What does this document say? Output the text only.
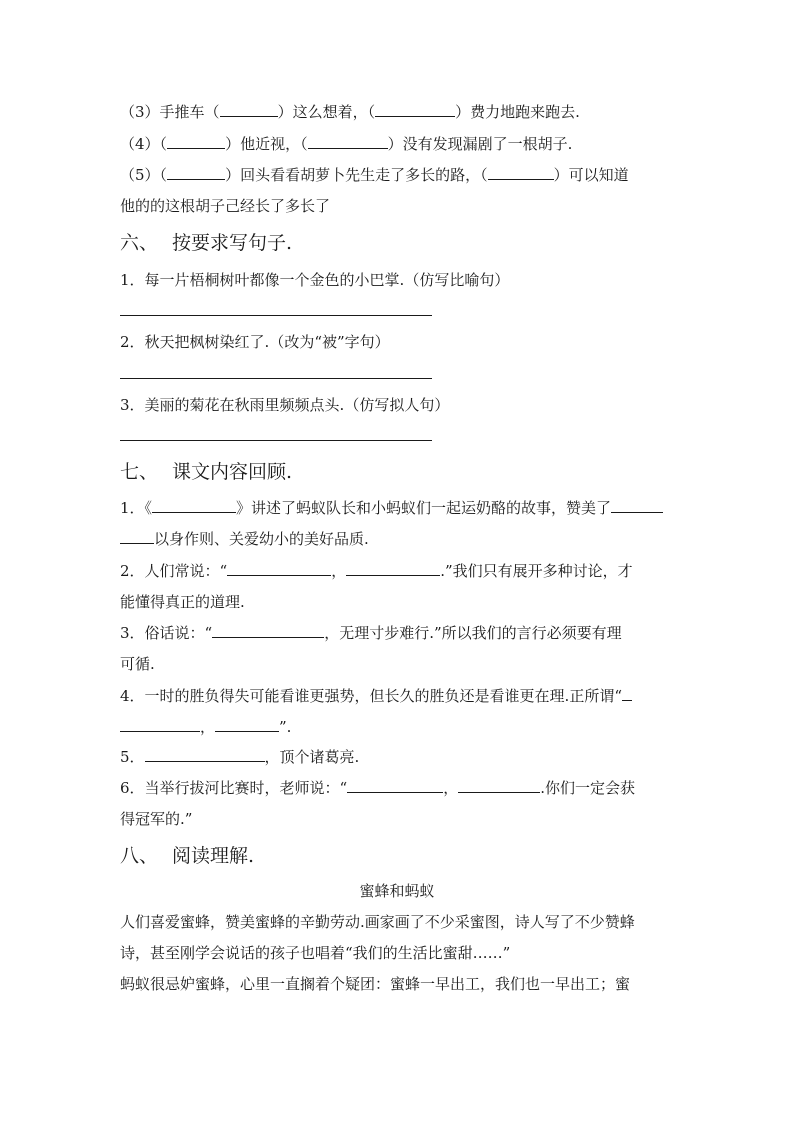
（3）手推车（	）这么想着，（	）费力地跑来跑去.
（4）（	）他近视，（	）没有发现漏剧了一根胡子.
（5）（	）回头看看胡萝卜先生走了多长的路，（	）可以知道
他的的这根胡子己经长了多长了
六、 按要求写句子.
1．每一片梧桐树叶都像一个金色的小巴掌.（仿写比喻句）
2．秋天把枫树染红了.（改为“被”字句）
3．美丽的菊花在秋雨里频频点头.（仿写拟人句）
七、 课文内容回顾.
1．《	》讲述了蚂蚁队长和小蚂蚁们一起运奶酪的故事，赞美了
以身作则、关爱幼小的美好品质.
2．人们常说：“	，	.”我们只有展开多种讨论，才
能懂得真正的道理.
3．俗话说：“	，无理寸步难行.”所以我们的言行必须要有理
可循.
4．一时的胜负得失可能看谁更强势，但长久的胜负还是看谁更在理.正所谓“
，	”.
5．	，顶个诸葛亮.
6．当举行拔河比赛时，老师说：“	，	.你们一定会获
得冠军的.”
八、 阅读理解.
蜜蜂和蚂蚁
人们喜爱蜜蜂，赞美蜜蜂的辛勤劳动.画家画了不少采蜜图，诗人写了不少赞蜂
诗，甚至刚学会说话的孩子也唱着“我们的生活比蜜甜……”
蚂蚁很忌妒蜜蜂，心里一直搁着个疑团：蜜蜂一早出工，我们也一早出工；蜜
